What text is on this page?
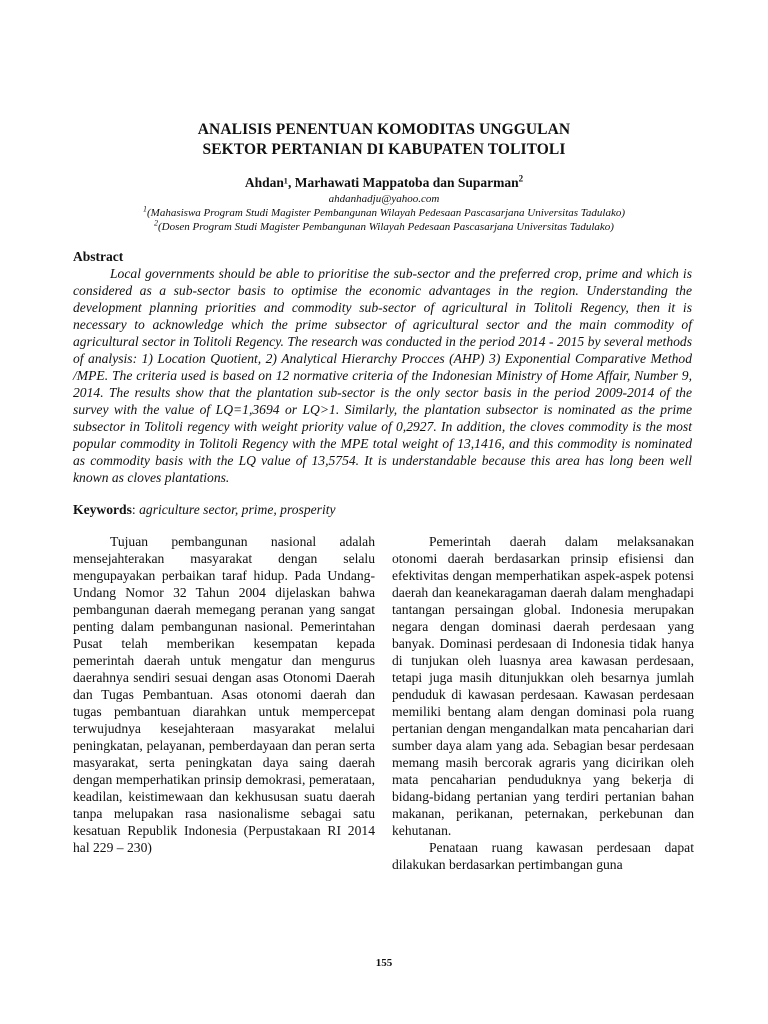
ANALISIS PENENTUAN KOMODITAS UNGGULAN
SEKTOR PERTANIAN DI KABUPATEN TOLITOLI
Ahdan¹, Marhawati Mappatoba dan Suparman$^2$
ahdanhadju@yahoo.com
$^1$(Mahasiswa Program Studi Magister Pembangunan Wilayah Pedesaan Pascasarjana Universitas Tadulako)
$^2$(Dosen Program Studi Magister Pembangunan Wilayah Pedesaan Pascasarjana Universitas Tadulako)
Abstract
Local governments should be able to prioritise the sub-sector and the preferred crop, prime and which is considered as a sub-sector basis to optimise the economic advantages in the region. Understanding the development planning priorities and commodity sub-sector of agricultural in Tolitoli Regency, then it is necessary to acknowledge which the prime subsector of agricultural sector and the main commodity of agricultural sector in Tolitoli Regency. The research was conducted in the period 2014 - 2015 by several methods of analysis: 1) Location Quotient, 2) Analytical Hierarchy Procces (AHP) 3) Exponential Comparative Method /MPE. The criteria used is based on 12 normative criteria of the Indonesian Ministry of Home Affair, Number 9, 2014. The results show that the plantation sub-sector is the only sector basis in the period 2009-2014 of the survey with the value of LQ=1,3694 or LQ>1. Similarly, the plantation subsector is nominated as the prime subsector in Tolitoli regency with weight priority value of 0,2927. In addition, the cloves commodity is the most popular commodity in Tolitoli Regency with the MPE total weight of 13,1416, and this commodity is nominated as commodity basis with the LQ value of 13,5754. It is understandable because this area has long been well known as cloves plantations.
Keywords: agriculture sector, prime, prosperity

Tujuan pembangunan nasional adalah mensejahterakan masyarakat dengan selalu mengupayakan perbaikan taraf hidup. Pada Undang-Undang Nomor 32 Tahun 2004 dijelaskan bahwa pembangunan daerah memegang peranan yang sangat penting dalam pembangunan nasional. Pemerintahan Pusat telah memberikan kesempatan kepada pemerintah daerah untuk mengatur dan mengurus daerahnya sendiri sesuai dengan asas Otonomi Daerah dan Tugas Pembantuan. Asas otonomi daerah dan tugas pembantuan diarahkan untuk mempercepat terwujudnya kesejahteraan masyarakat melalui peningkatan, pelayanan, pemberdayaan dan peran serta masyarakat, serta peningkatan daya saing daerah dengan memperhatikan prinsip demokrasi, pemerataan, keadilan, keistimewaan dan kekhususan suatu daerah tanpa melupakan rasa nasionalisme sebagai satu kesatuan Republik Indonesia (Perpustakaan RI 2014 hal 229 – 230)

Pemerintah daerah dalam melaksanakan otonomi daerah berdasarkan prinsip efisiensi dan efektivitas dengan memperhatikan aspek-aspek potensi daerah dan keanekaragaman daerah dalam menghadapi tantangan persaingan global. Indonesia merupakan negara dengan dominasi daerah perdesaan yang banyak. Dominasi perdesaan di Indonesia tidak hanya di tunjukan oleh luasnya area kawasan perdesaan, tetapi juga masih ditunjukkan oleh besarnya jumlah penduduk di kawasan perdesaan. Kawasan perdesaan memiliki bentang alam dengan dominasi pola ruang pertanian dengan mengandalkan mata pencaharian dari sumber daya alam yang ada. Sebagian besar perdesaan memang masih bercorak agraris yang dicirikan oleh mata pencaharian penduduknya yang bekerja di bidang-bidang pertanian yang terdiri pertanian bahan makanan, perikanan, peternakan, perkebunan dan kehutanan.

Penataan ruang kawasan perdesaan dapat dilakukan berdasarkan pertimbangan guna

155
